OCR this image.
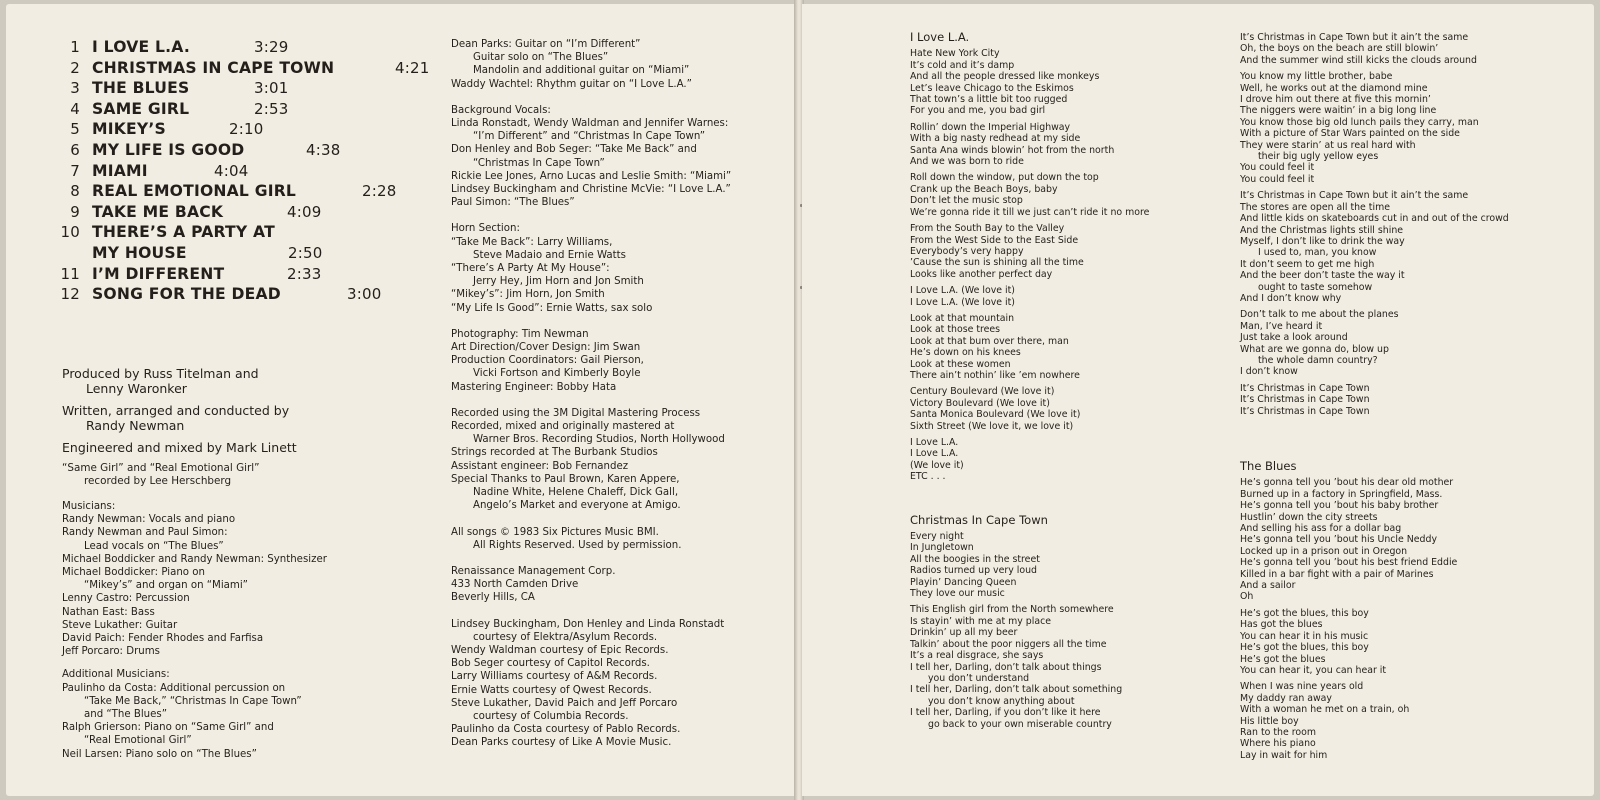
1 I LOVE L.A.	3:29
2 CHRISTMAS IN CAPE TOWN	4:21
3 THE BLUES	3:01
4 SAME GIRL	2:53
5 MIKEY’S	2:10
6 MY LIFE IS GOOD	4:38
7 MIAMI	4:04
8 REAL EMOTIONAL GIRL	2:28
9 TAKE ME BACK	4:09
10 THERE’S A PARTY AT
MY HOUSE	2:50
11 I’M DIFFERENT	2:33
12 SONG FOR THE DEAD	3:00
Produced by Russ Titelman and
Lenny Waronker
Written, arranged and conducted by
Randy Newman
Engineered and mixed by Mark Linett
“Same Girl” and “Real Emotional Girl”
recorded by Lee Herschberg
Musicians:
Randy Newman: Vocals and piano
Randy Newman and Paul Simon:
Lead vocals on “The Blues”
Michael Boddicker and Randy Newman: Synthesizer
Michael Boddicker: Piano on
“Mikey’s” and organ on “Miami”
Lenny Castro: Percussion
Nathan East: Bass
Steve Lukather: Guitar
David Paich: Fender Rhodes and Farfisa
Jeff Porcaro: Drums
Additional Musicians:
Paulinho da Costa: Additional percussion on
“Take Me Back,” “Christmas In Cape Town”
and “The Blues”
Ralph Grierson: Piano on “Same Girl” and
“Real Emotional Girl”
Neil Larsen: Piano solo on “The Blues”
Dean Parks: Guitar on “I’m Different”
Guitar solo on “The Blues”
Mandolin and additional guitar on “Miami”
Waddy Wachtel: Rhythm guitar on “I Love L.A.”
Background Vocals:
Linda Ronstadt, Wendy Waldman and Jennifer Warnes:
“I’m Different” and “Christmas In Cape Town”
Don Henley and Bob Seger: “Take Me Back” and
“Christmas In Cape Town”
Rickie Lee Jones, Arno Lucas and Leslie Smith: “Miami”
Lindsey Buckingham and Christine McVie: “I Love L.A.”
Paul Simon: “The Blues”
Horn Section:
“Take Me Back”: Larry Williams,
Steve Madaio and Ernie Watts
“There’s A Party At My House”:
Jerry Hey, Jim Horn and Jon Smith
“Mikey’s”: Jim Horn, Jon Smith
“My Life Is Good”: Ernie Watts, sax solo
Photography: Tim Newman
Art Direction/Cover Design: Jim Swan
Production Coordinators: Gail Pierson,
Vicki Fortson and Kimberly Boyle
Mastering Engineer: Bobby Hata
Recorded using the 3M Digital Mastering Process
Recorded, mixed and originally mastered at
Warner Bros. Recording Studios, North Hollywood
Strings recorded at The Burbank Studios
Assistant engineer: Bob Fernandez
Special Thanks to Paul Brown, Karen Appere,
Nadine White, Helene Chaleff, Dick Gall,
Angelo’s Market and everyone at Amigo.
All songs © 1983 Six Pictures Music BMI.
All Rights Reserved. Used by permission.
Renaissance Management Corp.
433 North Camden Drive
Beverly Hills, CA
Lindsey Buckingham, Don Henley and Linda Ronstadt
courtesy of Elektra/Asylum Records.
Wendy Waldman courtesy of Epic Records.
Bob Seger courtesy of Capitol Records.
Larry Williams courtesy of A&M Records.
Ernie Watts courtesy of Qwest Records.
Steve Lukather, David Paich and Jeff Porcaro
courtesy of Columbia Records.
Paulinho da Costa courtesy of Pablo Records.
Dean Parks courtesy of Like A Movie Music.
I Love L.A.
Hate New York City
It’s cold and it’s damp
And all the people dressed like monkeys
Let’s leave Chicago to the Eskimos
That town’s a little bit too rugged
For you and me, you bad girl
Rollin’ down the Imperial Highway
With a big nasty redhead at my side
Santa Ana winds blowin’ hot from the north
And we was born to ride
Roll down the window, put down the top
Crank up the Beach Boys, baby
Don’t let the music stop
We’re gonna ride it till we just can’t ride it no more
From the South Bay to the Valley
From the West Side to the East Side
Everybody’s very happy
’Cause the sun is shining all the time
Looks like another perfect day
I Love L.A. (We love it)
I Love L.A. (We love it)
Look at that mountain
Look at those trees
Look at that bum over there, man
He’s down on his knees
Look at these women
There ain’t nothin’ like ’em nowhere
Century Boulevard (We love it)
Victory Boulevard (We love it)
Santa Monica Boulevard (We love it)
Sixth Street (We love it, we love it)
I Love L.A.
I Love L.A.
(We love it)
ETC . . .
Christmas In Cape Town
Every night
In Jungletown
All the boogies in the street
Radios turned up very loud
Playin’ Dancing Queen
They love our music
This English girl from the North somewhere
Is stayin’ with me at my place
Drinkin’ up all my beer
Talkin’ about the poor niggers all the time
It’s a real disgrace, she says
I tell her, Darling, don’t talk about things
you don’t understand
I tell her, Darling, don’t talk about something
you don’t know anything about
I tell her, Darling, if you don’t like it here
go back to your own miserable country
It’s Christmas in Cape Town but it ain’t the same
Oh, the boys on the beach are still blowin’
And the summer wind still kicks the clouds around
You know my little brother, babe
Well, he works out at the diamond mine
I drove him out there at five this mornin’
The niggers were waitin’ in a big long line
You know those big old lunch pails they carry, man
With a picture of Star Wars painted on the side
They were starin’ at us real hard with
their big ugly yellow eyes
You could feel it
You could feel it
It’s Christmas in Cape Town but it ain’t the same
The stores are open all the time
And little kids on skateboards cut in and out of the crowd
And the Christmas lights still shine
Myself, I don’t like to drink the way
I used to, man, you know
It don’t seem to get me high
And the beer don’t taste the way it
ought to taste somehow
And I don’t know why
Don’t talk to me about the planes
Man, I’ve heard it
Just take a look around
What are we gonna do, blow up
the whole damn country?
I don’t know
It’s Christmas in Cape Town
It’s Christmas in Cape Town
It’s Christmas in Cape Town
The Blues
He’s gonna tell you ’bout his dear old mother
Burned up in a factory in Springfield, Mass.
He’s gonna tell you ’bout his baby brother
Hustlin’ down the city streets
And selling his ass for a dollar bag
He’s gonna tell you ’bout his Uncle Neddy
Locked up in a prison out in Oregon
He’s gonna tell you ’bout his best friend Eddie
Killed in a bar fight with a pair of Marines
And a sailor
Oh
He’s got the blues, this boy
Has got the blues
You can hear it in his music
He’s got the blues, this boy
He’s got the blues
You can hear it, you can hear it
When I was nine years old
My daddy ran away
With a woman he met on a train, oh
His little boy
Ran to the room
Where his piano
Lay in wait for him
